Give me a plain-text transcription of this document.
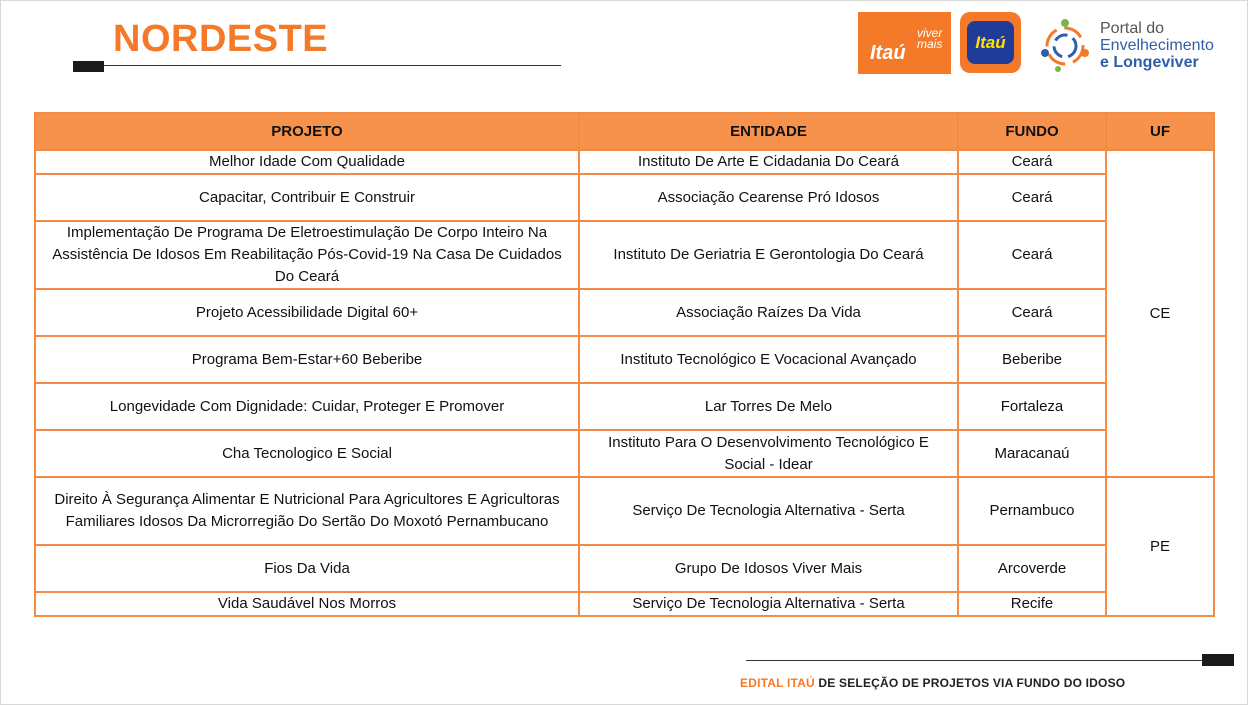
NORDESTE	Itaú
viver
mais	Itaú
Portal do
Envelhecimento
e Longeviver
PROJETO	ENTIDADE	FUNDO	UF
Melhor Idade Com Qualidade	Instituto De Arte E Cidadania Do Ceará	Ceará	CE
Capacitar, Contribuir E Construir	Associação Cearense Pró Idosos	Ceará	
Implementação De Programa De Eletroestimulação De Corpo Inteiro Na Assistência De Idosos Em Reabilitação Pós-Covid-19 Na Casa De Cuidados Do Ceará	Instituto De Geriatria E Gerontologia Do Ceará	Ceará	
Projeto Acessibilidade Digital 60+	Associação Raízes Da Vida	Ceará	
Programa Bem-Estar+60 Beberibe	Instituto Tecnológico E Vocacional Avançado	Beberibe	
Longevidade Com Dignidade: Cuidar, Proteger E Promover	Lar Torres De Melo	Fortaleza	
Cha Tecnologico E Social	Instituto Para O Desenvolvimento Tecnológico E Social - Idear	Maracanaú	
Direito À Segurança Alimentar E Nutricional Para Agricultores E Agricultoras Familiares Idosos Da Microrregião Do Sertão Do Moxotó Pernambucano	Serviço De Tecnologia Alternativa - Serta	Pernambuco	PE
Fios Da Vida	Grupo De Idosos Viver Mais	Arcoverde	
Vida Saudável Nos Morros	Serviço De Tecnologia Alternativa - Serta	Recife	
EDITAL ITAÚ DE SELEÇÃO DE PROJETOS VIA FUNDO DO IDOSO
